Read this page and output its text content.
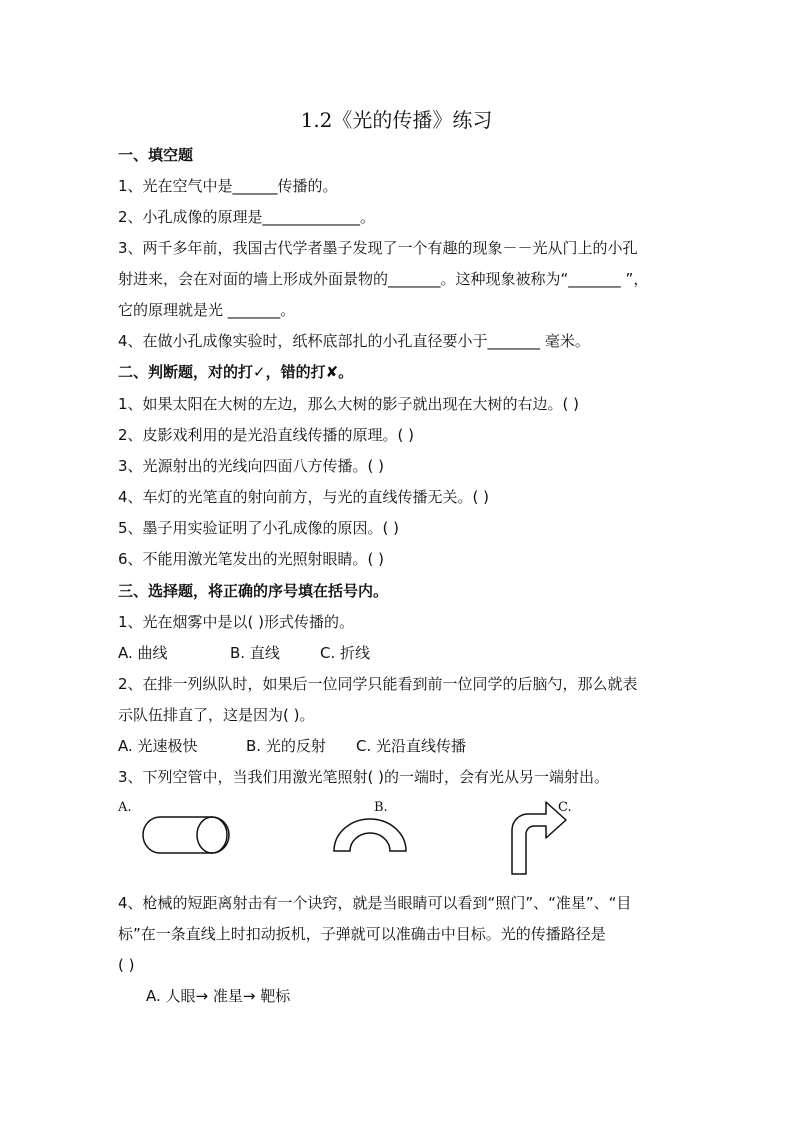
1.2《光的传播》练习
一、填空题
1、光在空气中是______传播的。
2、小孔成像的原理是_____________。
3、两千多年前，我国古代学者墨子发现了一个有趣的现象－－光从门上的小孔
射进来，会在对面的墙上形成外面景物的_______。这种现象被称为“_______ ”，
它的原理就是光 _______。
4、在做小孔成像实验时，纸杯底部扎的小孔直径要小于_______ 毫米。
二、判断题，对的打✓，错的打✘。
1、如果太阳在大树的左边，那么大树的影子就出现在大树的右边。( )
2、皮影戏利用的是光沿直线传播的原理。( )
3、光源射出的光线向四面八方传播。( )
4、车灯的光笔直的射向前方，与光的直线传播无关。( )
5、墨子用实验证明了小孔成像的原因。( )
6、不能用激光笔发出的光照射眼睛。( )
三、选择题，将正确的序号填在括号内。
1、光在烟雾中是以( )形式传播的。
A. 曲线	B. 直线	C. 折线
2、在排一列纵队时，如果后一位同学只能看到前一位同学的后脑勺，那么就表
示队伍排直了，这是因为( )。
A. 光速极快	B. 光的反射 C. 光沿直线传播
3、下列空管中，当我们用激光笔照射( )的一端时，会有光从另一端射出。
A.	B.	C.
4、枪械的短距离射击有一个诀窍，就是当眼睛可以看到“照门”、“准星”、“目
标”在一条直线上时扣动扳机，子弹就可以准确击中目标。光的传播路径是
( )
A. 人眼→ 准星→ 靶标
